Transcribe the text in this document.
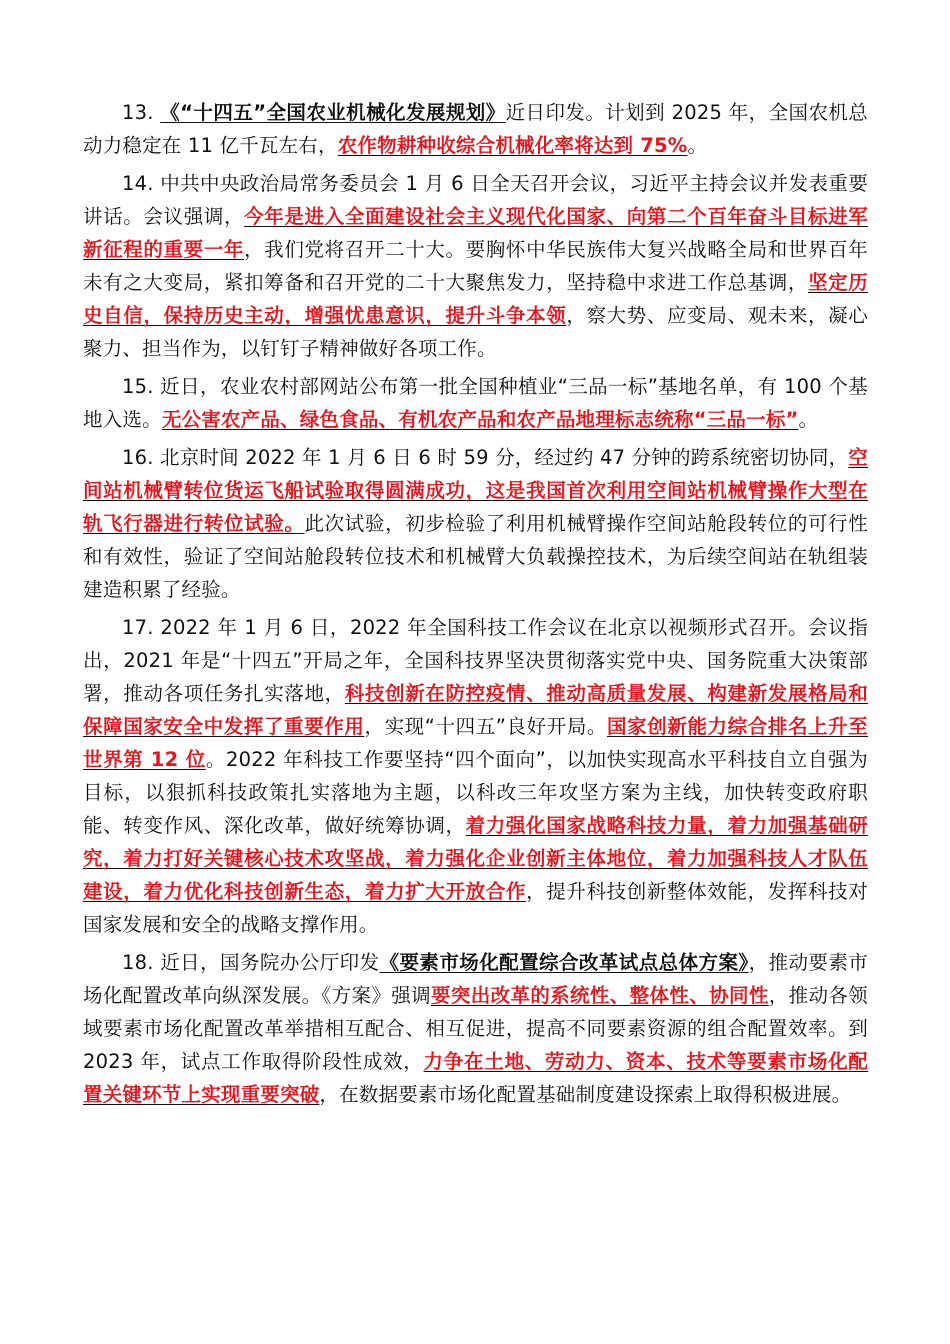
13. 《“十四五”全国农业机械化发展规划》近日印发。计划到 2025 年，全国农机总动力稳定在 11 亿千瓦左右，农作物耕种收综合机械化率将达到 75%。

14. 中共中央政治局常务委员会 1 月 6 日全天召开会议，习近平主持会议并发表重要讲话。会议强调，今年是进入全面建设社会主义现代化国家、向第二个百年奋斗目标进军新征程的重要一年，我们党将召开二十大。要胸怀中华民族伟大复兴战略全局和世界百年未有之大变局，紧扣筹备和召开党的二十大聚焦发力，坚持稳中求进工作总基调，坚定历史自信，保持历史主动，增强忧患意识，提升斗争本领，察大势、应变局、观未来，凝心聚力、担当作为，以钉钉子精神做好各项工作。

15. 近日，农业农村部网站公布第一批全国种植业“三品一标”基地名单，有 100 个基地入选。无公害农产品、绿色食品、有机农产品和农产品地理标志统称“三品一标”。

16. 北京时间 2022 年 1 月 6 日 6 时 59 分，经过约 47 分钟的跨系统密切协同，空间站机械臂转位货运飞船试验取得圆满成功，这是我国首次利用空间站机械臂操作大型在轨飞行器进行转位试验。此次试验，初步检验了利用机械臂操作空间站舱段转位的可行性和有效性，验证了空间站舱段转位技术和机械臂大负载操控技术，为后续空间站在轨组装建造积累了经验。

17. 2022 年 1 月 6 日，2022 年全国科技工作会议在北京以视频形式召开。会议指出，2021 年是“十四五”开局之年，全国科技界坚决贯彻落实党中央、国务院重大决策部署，推动各项任务扎实落地，科技创新在防控疫情、推动高质量发展、构建新发展格局和保障国家安全中发挥了重要作用，实现“十四五”良好开局。国家创新能力综合排名上升至世界第 12 位。2022 年科技工作要坚持“四个面向”，以加快实现高水平科技自立自强为目标，以狠抓科技政策扎实落地为主题，以科改三年攻坚方案为主线，加快转变政府职能、转变作风、深化改革，做好统筹协调，着力强化国家战略科技力量，着力加强基础研究，着力打好关键核心技术攻坚战，着力强化企业创新主体地位，着力加强科技人才队伍建设，着力优化科技创新生态，着力扩大开放合作，提升科技创新整体效能，发挥科技对国家发展和安全的战略支撑作用。

18. 近日，国务院办公厅印发《要素市场化配置综合改革试点总体方案》，推动要素市场化配置改革向纵深发展。《方案》强调要突出改革的系统性、整体性、协同性，推动各领域要素市场化配置改革举措相互配合、相互促进，提高不同要素资源的组合配置效率。到 2023 年，试点工作取得阶段性成效，力争在土地、劳动力、资本、技术等要素市场化配置关键环节上实现重要突破，在数据要素市场化配置基础制度建设探索上取得积极进展。
